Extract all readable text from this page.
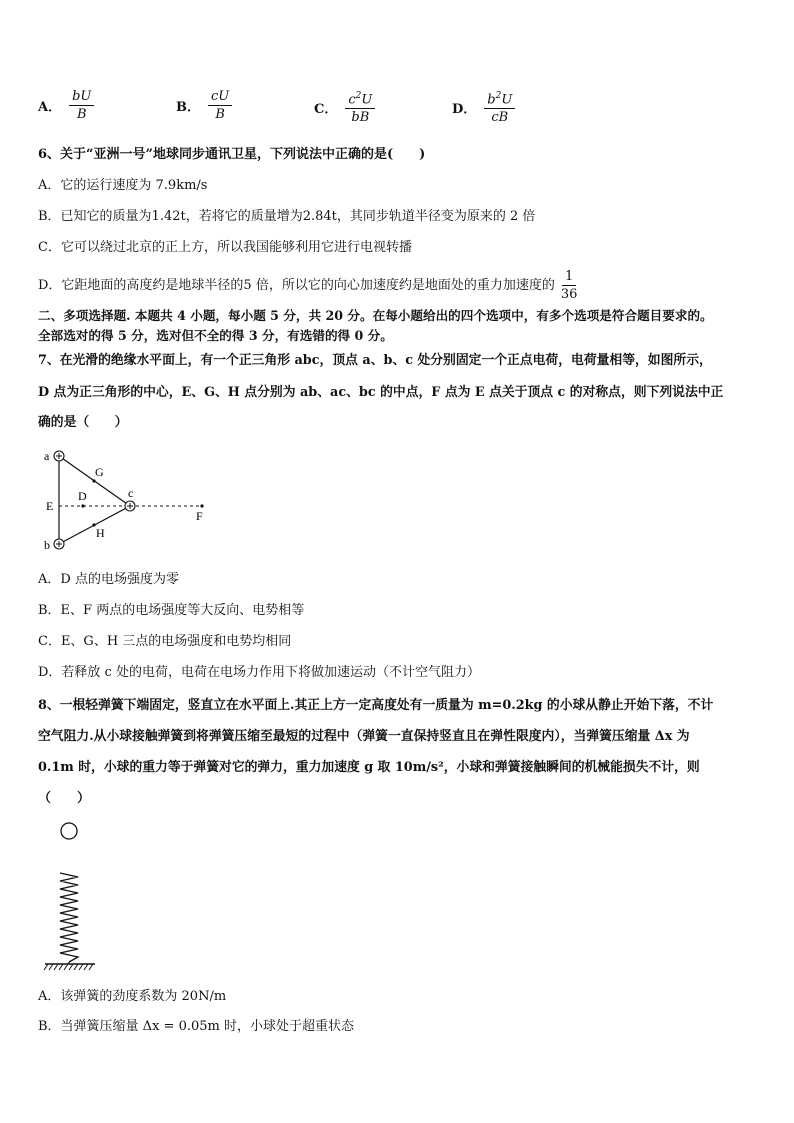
A． $\frac{bU}{B}$	B． $\frac{cU}{B}$	C． $\frac{c^2U}{bB}$	D． $\frac{b^2U}{cB}$
6、关于“亚洲一号”地球同步通讯卫星，下列说法中正确的是(　　)
A．它的运行速度为 7.9km/s
B．已知它的质量为1.42t，若将它的质量增为2.84t，其同步轨道半径变为原来的 2 倍
C．它可以绕过北京的正上方，所以我国能够利用它进行电视转播
D．它距地面的高度约是地球半径的5 倍，所以它的向心加速度约是地面处的重力加速度的 $\frac{1}{36}$
二、多项选择题. 本题共 4 小题，每小题 5 分，共 20 分。在每小题给出的四个选项中，有多个选项是符合题目要求的。
全部选对的得 5 分，选对但不全的得 3 分，有选错的得 0 分。
7、在光滑的绝缘水平面上，有一个正三角形 abc，顶点 a、b、c 处分别固定一个正点电荷，电荷量相等，如图所示，
D 点为正三角形的中心，E、G、H 点分别为 ab、ac、bc 的中点，F 点为 E 点关于顶点 c 的对称点，则下列说法中正
确的是（　　）
a
b
c
D
E
F
G
H
A．D 点的电场强度为零
B．E、F 两点的电场强度等大反向、电势相等
C．E、G、H 三点的电场强度和电势均相同
D．若释放 c 处的电荷，电荷在电场力作用下将做加速运动（不计空气阻力）
8、一根轻弹簧下端固定，竖直立在水平面上.其正上方一定高度处有一质量为 m=0.2kg 的小球从静止开始下落，不计
空气阻力.从小球接触弹簧到将弹簧压缩至最短的过程中（弹簧一直保持竖直且在弹性限度内），当弹簧压缩量 Δx 为
0.1m 时，小球的重力等于弹簧对它的弹力，重力加速度 g 取 10m/s²，小球和弹簧接触瞬间的机械能损失不计，则
（　　）
A．该弹簧的劲度系数为 20N/m
B．当弹簧压缩量 Δx = 0.05m 时，小球处于超重状态
